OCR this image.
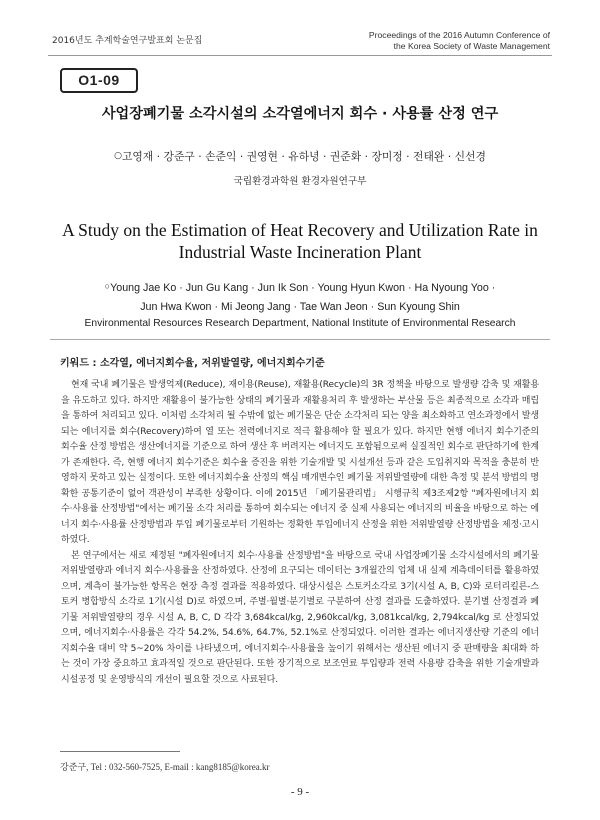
2016년도 추계학술연구발표회 논문집
Proceedings of the 2016 Autumn Conference of
the Korea Society of Waste Management
O1-09
사업장폐기물 소각시설의 소각열에너지 회수 · 사용률 산정 연구
○고영재 · 강준구 · 손준익 · 권영현 · 유하녕 · 권준화 · 장미정 · 전태완 · 신선경
국립환경과학원 환경자원연구부
A Study on the Estimation of Heat Recovery and Utilization Rate in
Industrial Waste Incineration Plant
○Young Jae Ko · Jun Gu Kang · Jun Ik Son · Young Hyun Kwon · Ha Nyoung Yoo ·
Jun Hwa Kwon · Mi Jeong Jang · Tae Wan Jeon · Sun Kyoung Shin
Environmental Resources Research Department, National Institute of Environmental Research
키워드 : 소각열, 에너지회수율, 저위발열량, 에너지회수기준

현재 국내 폐기물은 발생억제(Reduce), 재이용(Reuse), 재활용(Recycle)의 3R 정책을 바탕으로 발생량 감축 및 재활용을 유도하고 있다. 하지만 재활용이 불가능한 상태의 폐기물과 재활용처리 후 발생하는 부산물 등은 최종적으로 소각과 매립을 통하여 처리되고 있다. 이처럼 소각처리 될 수밖에 없는 폐기물은 단순 소각처리 되는 양을 최소화하고 연소과정에서 발생되는 에너지를 회수(Recovery)하여 열 또는 전력에너지로 적극 활용해야 할 필요가 있다. 하지만 현행 에너지 회수기준의 회수율 산정 방법은 생산에너지를 기준으로 하여 생산 후 버려지는 에너지도 포함됨으로써 실질적인 회수로 판단하기에 한계가 존재한다. 즉, 현행 에너지 회수기준은 회수율 증진을 위한 기술개발 및 시설개선 등과 같은 도입취지와 목적을 충분히 반영하지 못하고 있는 실정이다. 또한 에너지회수율 산정의 핵심 매개변수인 폐기물 저위발열량에 대한 측정 및 분석 방법의 명확한 공통기준이 없어 객관성이 부족한 상황이다. 이에 2015년 「폐기물관리법」 시행규칙 제3조제2항 "폐자원에너지 회수·사용률 산정방법"에서는 폐기물 소각 처리를 통하여 회수되는 에너지 중 실제 사용되는 에너지의 비율을 바탕으로 하는 에너지 회수·사용률 산정방법과 투입 폐기물로부터 기원하는 정확한 투입에너지 산정을 위한 저위발열량 산정방법을 제정·고시하였다.

본 연구에서는 새로 제정된 "폐자원에너지 회수·사용률 산정방법"을 바탕으로 국내 사업장폐기물 소각시설에서의 폐기물 저위발열량과 에너지 회수·사용률을 산정하였다. 산정에 요구되는 데이터는 3개월간의 업체 내 실제 계측데이터를 활용하였으며, 계측이 불가능한 항목은 현장 측정 결과를 적용하였다. 대상시설은 스토커소각로 3기(시설 A, B, C)와 로터리킬른-스토커 병합방식 소각로 1기(시설 D)로 하였으며, 주별·월별·분기별로 구분하여 산정 결과를 도출하였다. 분기별 산정결과 폐기물 저위발열량의 경우 시설 A, B, C, D 각각 3,684kcal/kg, 2,960kcal/kg, 3,081kcal/kg, 2,794kcal/kg 로 산정되었으며, 에너지회수·사용률은 각각 54.2%, 54.6%, 64.7%, 52.1%로 산정되었다. 이러한 결과는 에너지생산량 기준의 에너지회수율 대비 약 5~20% 차이를 나타냈으며, 에너지회수·사용률을 높이기 위해서는 생산된 에너지 중 판매량을 최대화 하는 것이 가장 중요하고 효과적일 것으로 판단된다. 또한 장기적으로 보조연료 투입량과 전력 사용량 감축을 위한 기술개발과 시설공정 및 운영방식의 개선이 필요할 것으로 사료된다.

강준구, Tel : 032-560-7525, E-mail : kang8185@korea.kr
- 9 -
